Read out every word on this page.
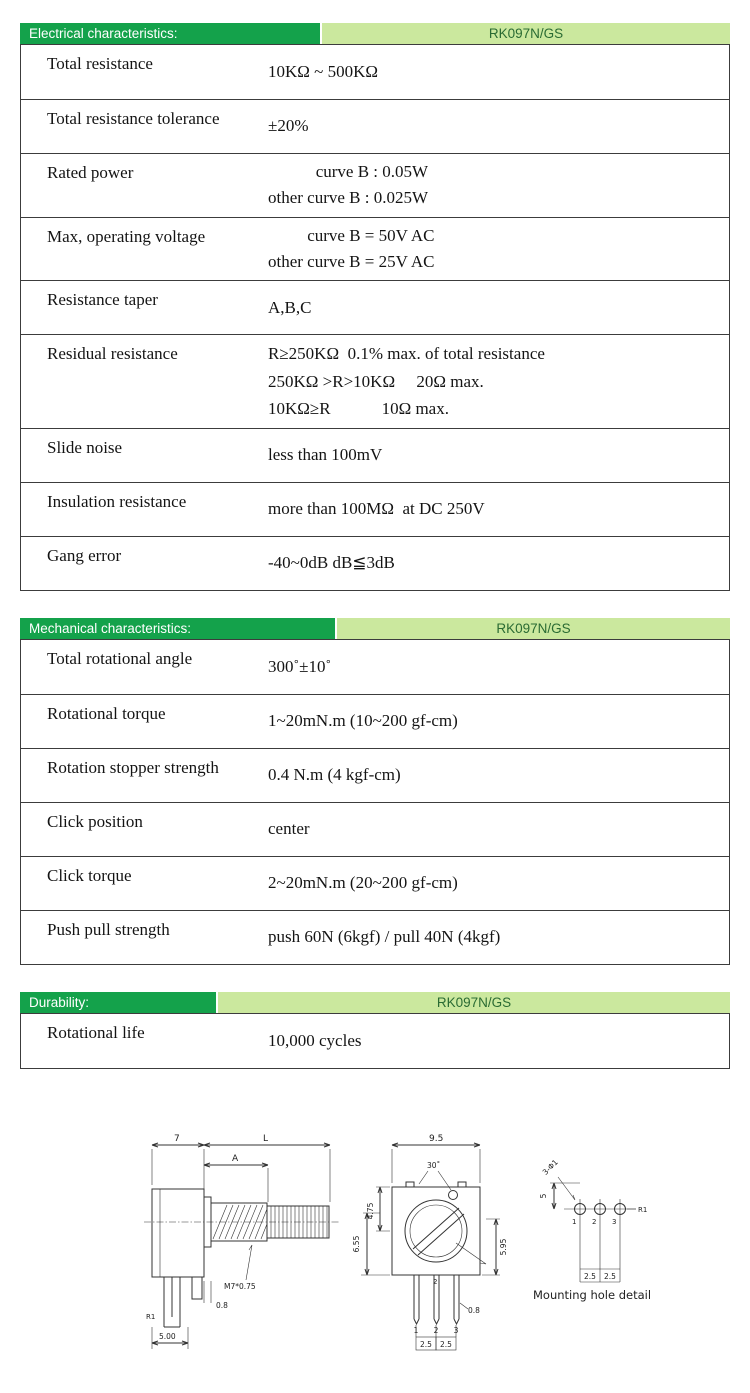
Electrical characteristics:	RK097N/GS
Total resistance	10KΩ ~ 500KΩ
Total resistance tolerance	±20%
Rated power	curve B : 0.05W
other curve B : 0.025W
Max, operating voltage	curve B = 50V AC
other curve B = 25V AC
Resistance taper	A,B,C
Residual resistance	R≥250KΩ  0.1% max. of total resistance
250KΩ >R>10KΩ     20Ω max.
10KΩ≥R            10Ω max.
Slide noise	less than 100mV
Insulation resistance	more than 100MΩ  at DC 250V
Gang error	-40~0dB dB≦3dB
Mechanical characteristics:	RK097N/GS
Total rotational angle	300˚±10˚
Rotational torque	1~20mN.m (10~200 gf-cm)
Rotation stopper strength	0.4 N.m (4 kgf-cm)
Click position	center
Click torque	2~20mN.m (20~200 gf-cm)
Push pull strength	push 60N (6kgf) / pull 40N (4kgf)
Durability:	RK097N/GS
Rotational life	10,000 cycles
7	L
A
M7*0.75
0.8
5.00
R1
9.5
30˚
4.75
6.55	5.95
2
0.8
1 2 3
2.5 2.5
3-Φ1
5
R1
1 2 3
2.5 2.5
Mounting hole detail
